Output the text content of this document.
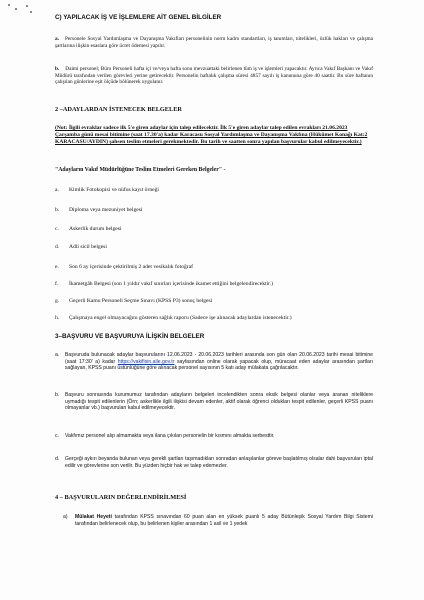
C) YAPILACAK İŞ VE İŞLEMLERE AİT GENEL BİLGİLER
a. Personele Sosyal Yardımlaşma ve Dayanışma Vakıfları personelinin norm kadro standartları, iş tanımları, nitelikleri, özlük hakları ve çalışma şartlarına ilişkin esaslara göre ücret ödemesi yapılır.
b. Daimi personel; Büro Personeli hafta içi ve/veya hafta sonu mevzuattaki belirlenen tüm iş ve işlemleri yapacaktır. Ayrıca Vakıf Başkanı ve Vakıf Müdürü tarafından verilen görevleri yerine getirecektir. Personelin haftalık çalışma süresi 4857 sayılı iş kanununa göre 40 saattir. Bu süre haftanın çalışılan günlerine eşit ölçüde bölünerek uygulanır.
2 –ADAYLARDAN İSTENECEK BELGELER
(Not: İlgili evraklar sadece ilk 5'e giren adaylar için talep edilecektir. İlk 5'e giren adaylar talep edilen evrakları 21.06.2023 Çarşamba günü mesai bitimine (saat 17.30'a) kadar Karacasu Sosyal Yardımlaşma ve Dayanışma Vakfına (Hükümet Konağı Kat:2 KARACASU/AYDIN) şahsen teslim etmeleri gerekmektedir. Bu tarih ve saatten sonra yapılan başvurular kabul edilmeyecektir.)
"Adayların Vakıf Müdürlüğüne Teslim Etmeleri Gereken Belgeler" -
a. Kimlik Fotokopisi ve nüfus kayıt örneği
b. Diploma veya mezuniyet belgesi
c. Askerlik durum belgesi
d. Adli sicil belgesi
e. Son 6 ay içerisinde çektirilmiş 2 adet vesikalık fotoğraf
f. İkametgâh Belgesi (son 1 yıldır vakıf sınırları içerisinde ikamet ettiğini belgelendirecektir.)
g. Geçerli Kamu Personeli Seçme Sınavı (KPSS P3) sonuç belgesi
h. Çalışmaya engel olmayacağını gösteren sağlık raporu (Sadece işe alınacak adaylardan istenecektir.)
3–BAŞVURU VE BAŞVURUYA İLİŞKİN BELGELER
a. Başvuruda bulunacak adaylar başvurularını 12.06.2023 - 20.06.2023 tarihleri arasında son gün olan 20.06.2023 tarihi mesai bitimine (saat 17:30' a) kadar https://vakifisin.aile.gov.tr sayfasından online olarak yapacak olup, müracaat eden adaylar arasından şartları sağlayan, KPSS puanı üstünlüğüne göre alınacak personel sayısının 5 katı aday mülakata çağrılacaktır.
b. Başvuru sonrasında kurumumuz tarafından adayların belgeleri incelendikten sonra eksik belgesi olanlar veya aranan niteliklere uymadığı tespit edilenlerin (Örn; askerlikle ilgili ilişkisi devam edenler, aktif olarak öğrenci oldukları tespit edilenler, geçerli KPSS puanı olmayanlar vb.) başvuruları kabul edilmeyecektir.
c. Vakfımız personel alıp almamakta veya ilana çıkılan personelin bir kısmını almakta serbesttir.
d. Gerçeği aykırı beyanda bulunan veya gerekli şartları taşımadıkları sonradan anlaşılanlar göreve başlatılmış olsalar dahi başvuruları iptal edilir ve görevlerine son verilir. Bu yüzden hiçbir hak ve talep edemezler.
4 – BAŞVURULARIN DEĞERLENDİRİLMESİ
a) Mülakat Heyeti tarafından KPSS sınavından 60 puan alan en yüksek puanlı 5 aday Bütünleşik Sosyal Yardım Bilgi Sistemi tarafından belirlenecek olup, bu belirlenen kişiler arasından 1 asil ve 1 yedek
